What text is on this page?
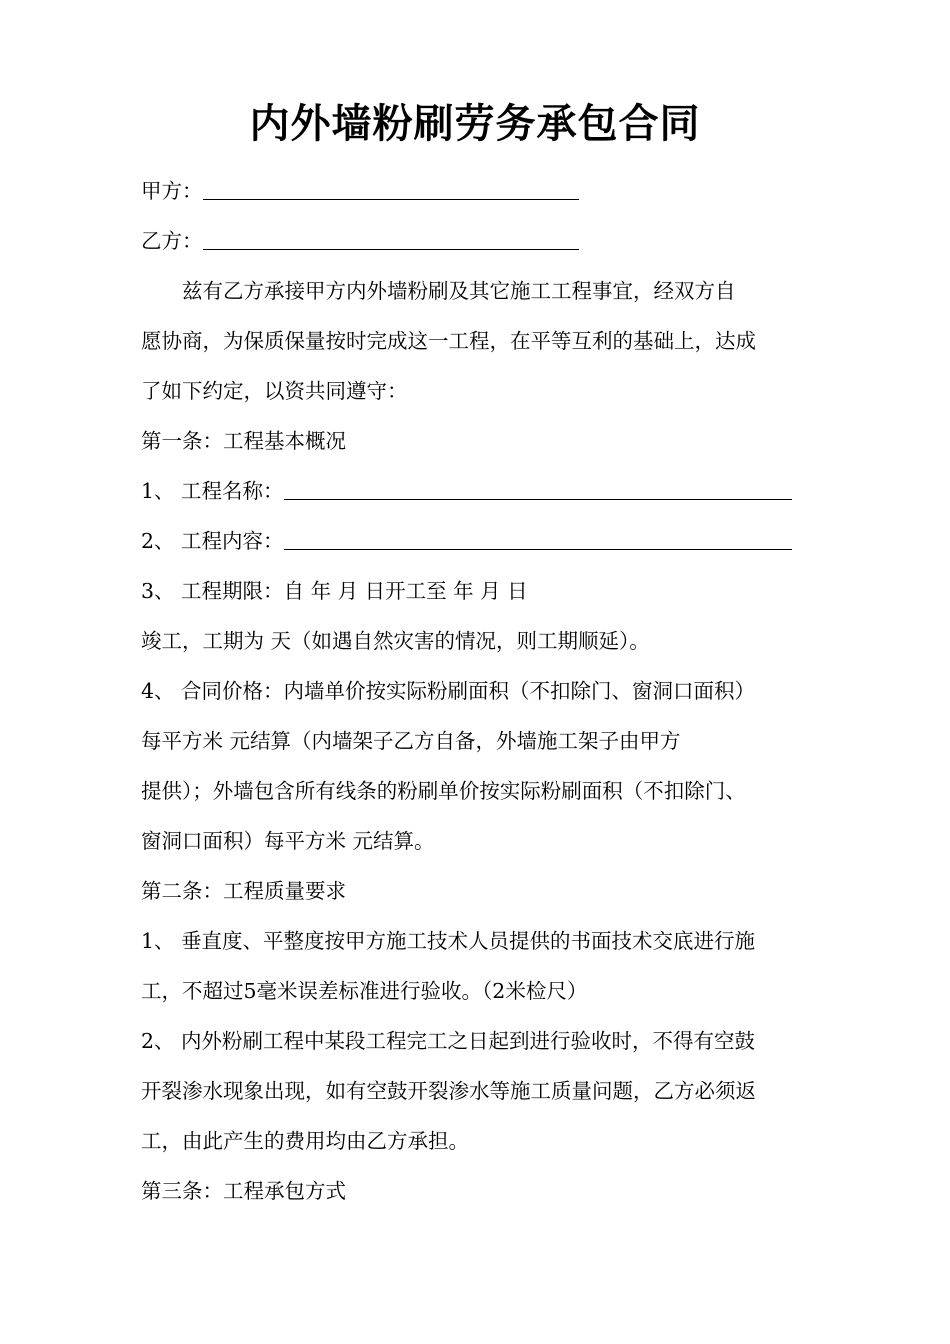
内外墙粉刷劳务承包合同
甲方：
乙方：
兹有乙方承接甲方内外墙粉刷及其它施工工程事宜，经双方自
愿协商，为保质保量按时完成这一工程，在平等互利的基础上，达成
了如下约定，以资共同遵守：
第一条：工程基本概况
1、 工程名称：
2、 工程内容：
3、 工程期限：自 年 月 日开工至 年 月 日
竣工，工期为 天（如遇自然灾害的情况，则工期顺延）。
4、 合同价格：内墙单价按实际粉刷面积（不扣除门、窗洞口面积）
每平方米 元结算（内墙架子乙方自备，外墙施工架子由甲方
提供）；外墙包含所有线条的粉刷单价按实际粉刷面积（不扣除门、
窗洞口面积）每平方米 元结算。
第二条：工程质量要求
1、 垂直度、平整度按甲方施工技术人员提供的书面技术交底进行施
工，不超过5毫米误差标准进行验收。（2米检尺）
2、 内外粉刷工程中某段工程完工之日起到进行验收时，不得有空鼓
开裂渗水现象出现，如有空鼓开裂渗水等施工质量问题，乙方必须返
工，由此产生的费用均由乙方承担。
第三条：工程承包方式
